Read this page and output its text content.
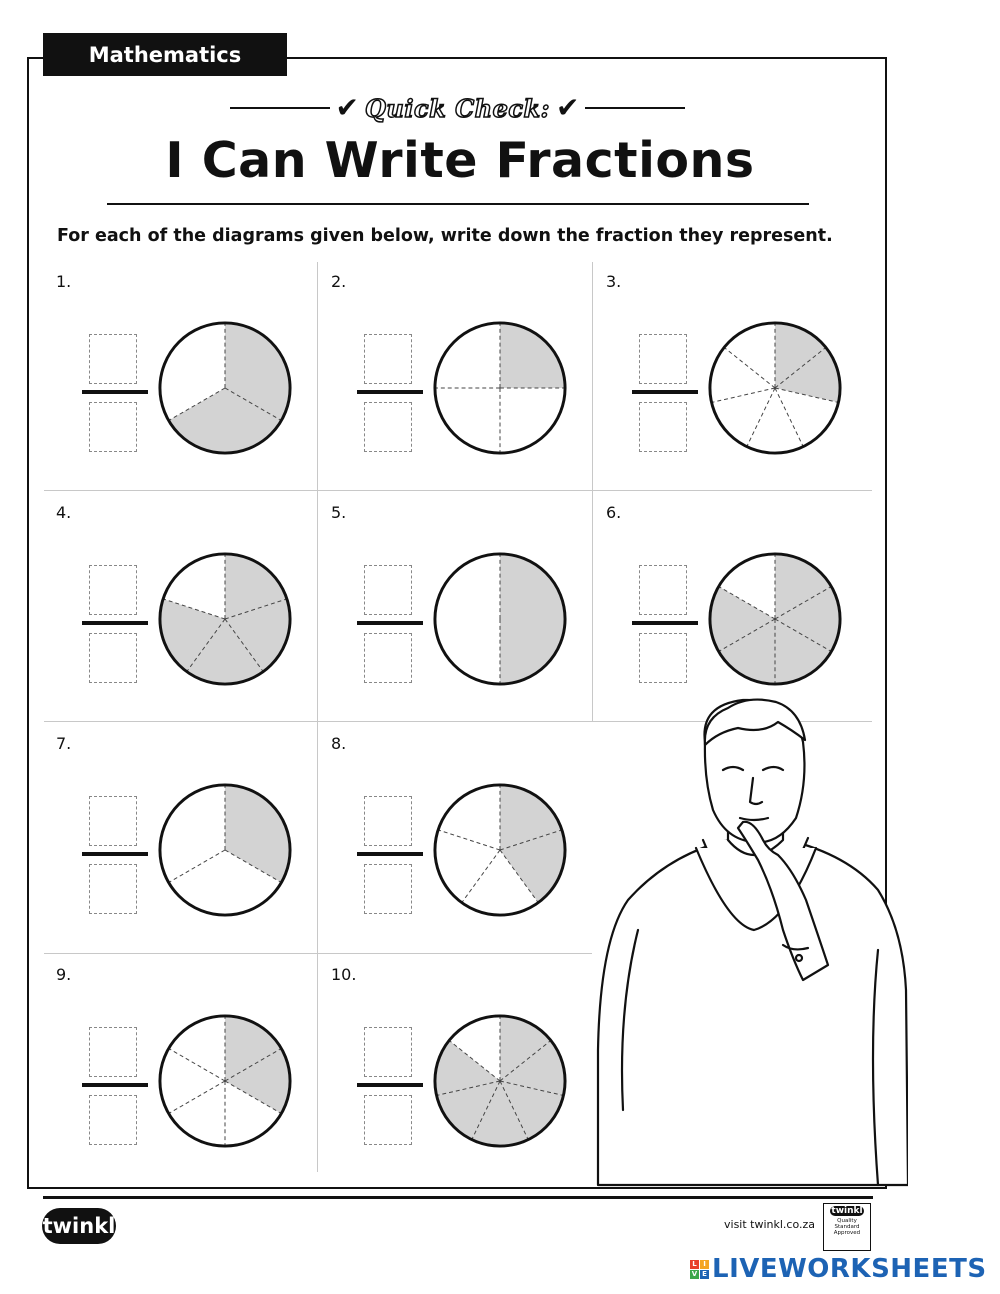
Mathematics
✔ Quick Check: ✔
I Can Write Fractions
For each of the diagrams given below, write down the fraction they represent.
1.	2.	3.
4.	5.	6.
7.	8.
9.	10.
twinkl	visit twinkl.co.za
twinkl
Quality Standard Approved
L I
V E LIVEWORKSHEETS
